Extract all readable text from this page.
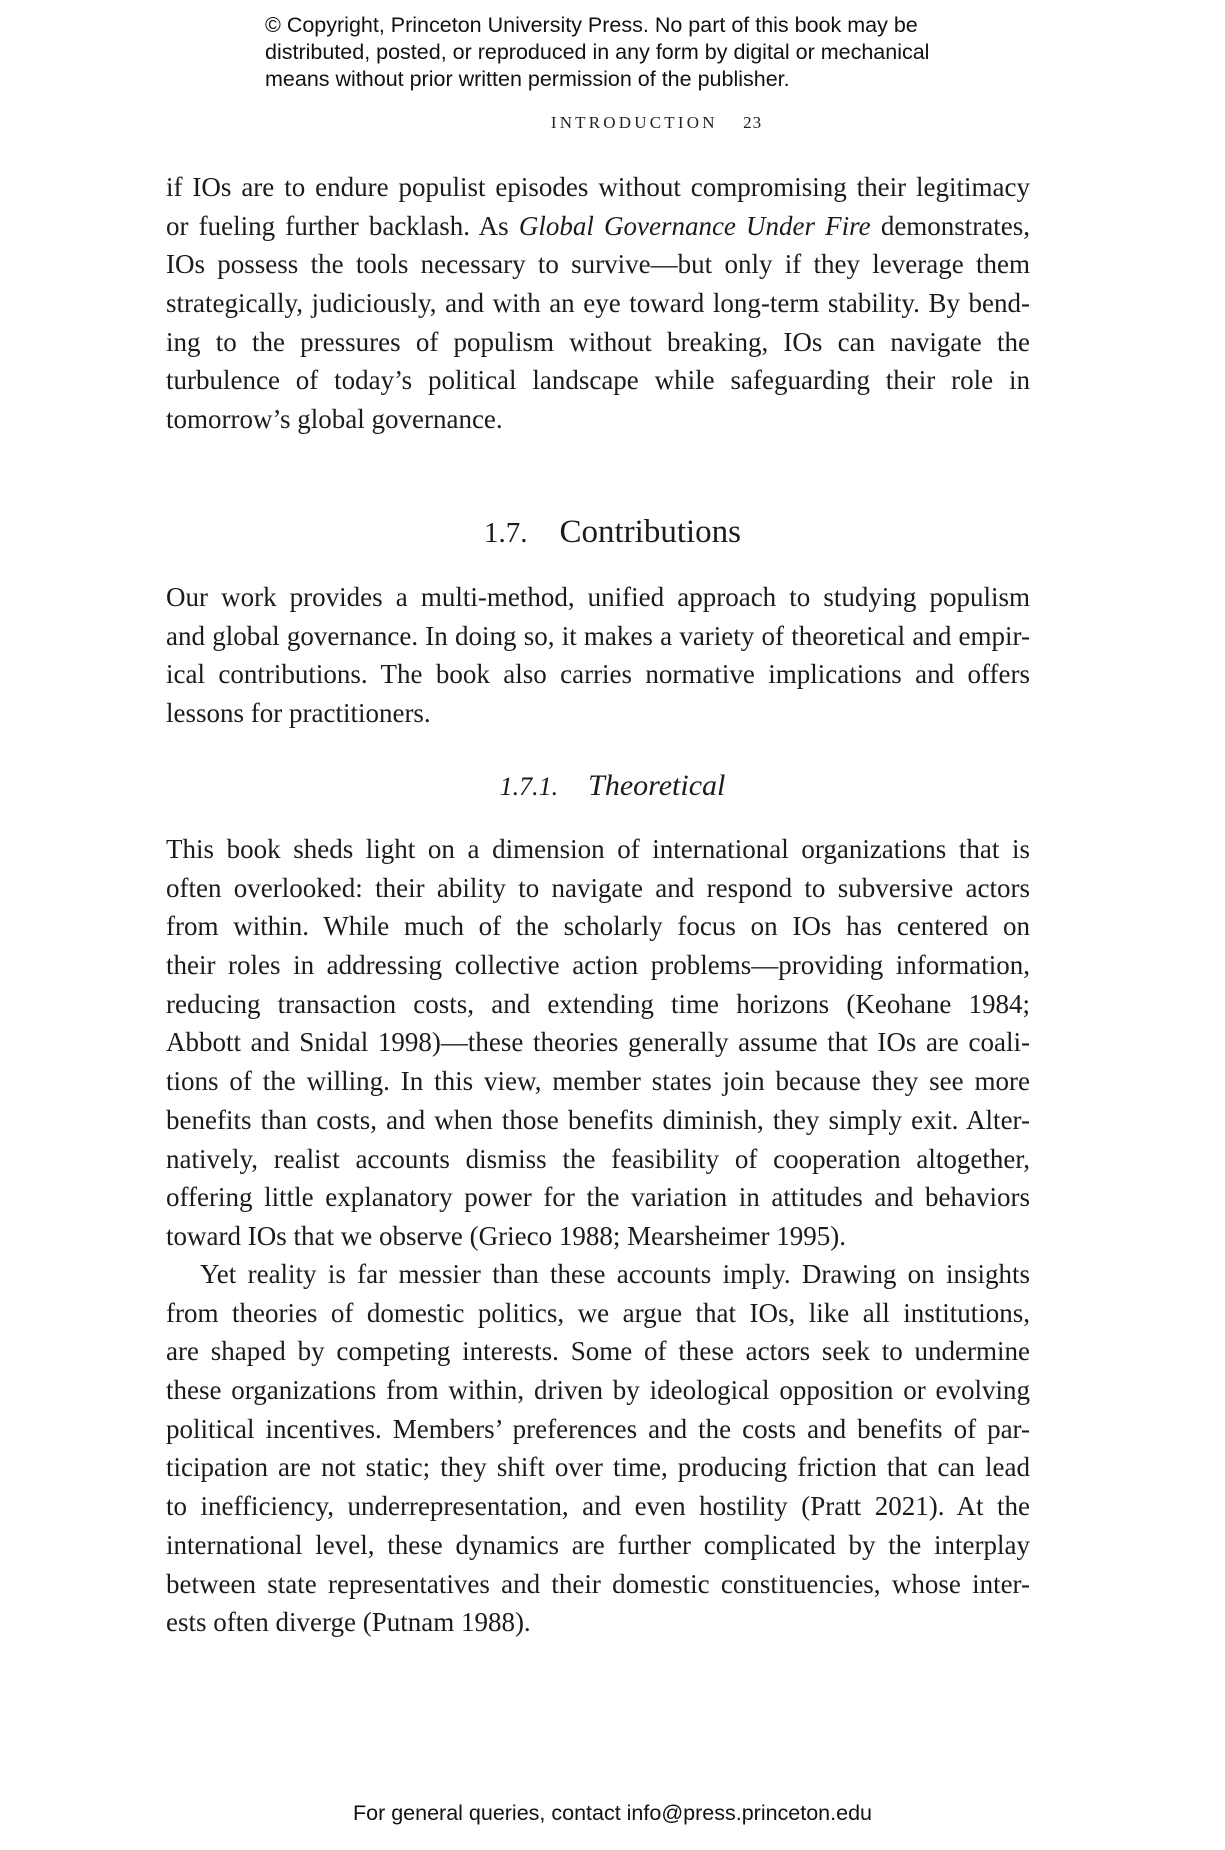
© Copyright, Princeton University Press. No part of this book may be
distributed, posted, or reproduced in any form by digital or mechanical
means without prior written permission of the publisher.
INTRODUCTION 23

if IOs are to endure populist episodes without compromising their legitimacy
or fueling further backlash. As Global Governance Under Fire demonstrates,
IOs possess the tools necessary to survive—but only if they leverage them
strategically, judiciously, and with an eye toward long-term stability. By bend-
ing to the pressures of populism without breaking, IOs can navigate the
turbulence of today’s political landscape while safeguarding their role in
tomorrow’s global governance.

1.7. Contributions

Our work provides a multi-method, unified approach to studying populism
and global governance. In doing so, it makes a variety of theoretical and empir-
ical contributions. The book also carries normative implications and offers
lessons for practitioners.

1.7.1. Theoretical

This book sheds light on a dimension of international organizations that is
often overlooked: their ability to navigate and respond to subversive actors
from within. While much of the scholarly focus on IOs has centered on
their roles in addressing collective action problems—providing information,
reducing transaction costs, and extending time horizons (Keohane 1984;
Abbott and Snidal 1998)—these theories generally assume that IOs are coali-
tions of the willing. In this view, member states join because they see more
benefits than costs, and when those benefits diminish, they simply exit. Alter-
natively, realist accounts dismiss the feasibility of cooperation altogether,
offering little explanatory power for the variation in attitudes and behaviors
toward IOs that we observe (Grieco 1988; Mearsheimer 1995).

Yet reality is far messier than these accounts imply. Drawing on insights
from theories of domestic politics, we argue that IOs, like all institutions,
are shaped by competing interests. Some of these actors seek to undermine
these organizations from within, driven by ideological opposition or evolving
political incentives. Members’ preferences and the costs and benefits of par-
ticipation are not static; they shift over time, producing friction that can lead
to inefficiency, underrepresentation, and even hostility (Pratt 2021). At the
international level, these dynamics are further complicated by the interplay
between state representatives and their domestic constituencies, whose inter-
ests often diverge (Putnam 1988).

For general queries, contact info@press.princeton.edu
